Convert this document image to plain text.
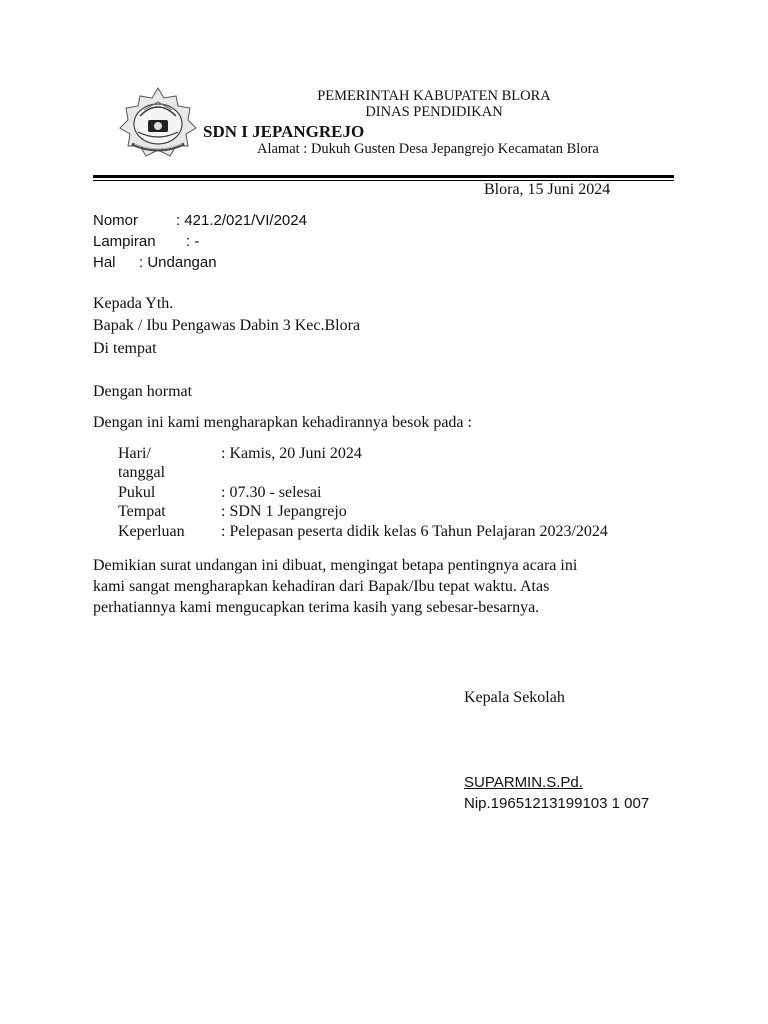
PEMERINTAH KABUPATEN BLORA
DINAS PENDIDIKAN
SDN I JEPANGREJO
Alamat : Dukuh Gusten Desa Jepangrejo Kecamatan Blora
Blora, 15 Juni 2024
Nomor	: 421.2/021/VI/2024
Lampiran : -
Hal : Undangan
Kepada Yth.
Bapak / Ibu Pengawas Dabin 3 Kec.Blora
Di tempat
Dengan hormat
Dengan ini kami mengharapkan kehadirannya besok pada :
Hari/
tanggal
: Kamis, 20 Juni 2024
Pukul	: 07.30 - selesai
Tempat	: SDN 1 Jepangrejo
Keperluan : Pelepasan peserta didik kelas 6 Tahun Pelajaran 2023/2024
Demikian surat undangan ini dibuat, mengingat betapa pentingnya acara ini
kami sangat mengharapkan kehadiran dari Bapak/Ibu tepat waktu. Atas
perhatiannya kami mengucapkan terima kasih yang sebesar-besarnya.
Kepala Sekolah
SUPARMIN.S.Pd.
Nip.19651213199103 1 007
